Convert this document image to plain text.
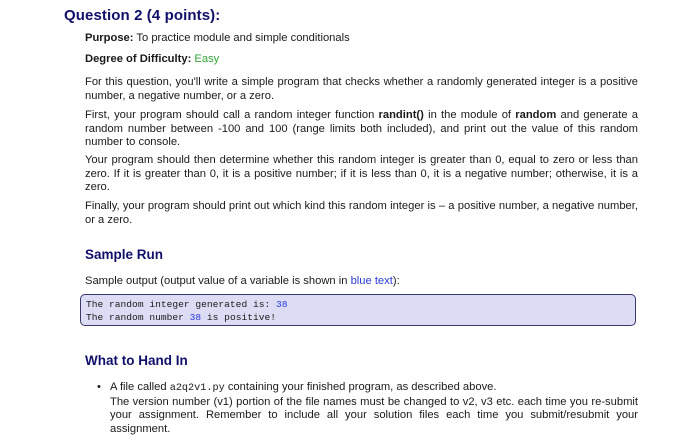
Question 2 (4 points):
Purpose: To practice module and simple conditionals
Degree of Difficulty: Easy
For this question, you'll write a simple program that checks whether a randomly generated integer is a positive number, a negative number, or a zero.
First, your program should call a random integer function randint() in the module of random and generate a random number between -100 and 100 (range limits both included), and print out the value of this random number to console.
Your program should then determine whether this random integer is greater than 0, equal to zero or less than zero. If it is greater than 0, it is a positive number; if it is less than 0, it is a negative number; otherwise, it is a zero.
Finally, your program should print out which kind this random integer is – a positive number, a negative number, or a zero.
Sample Run
Sample output (output value of a variable is shown in blue text):
The random integer generated is: 38
The random number 38 is positive!
What to Hand In
• A file called a2q2v1.py containing your finished program, as described above.
The version number (v1) portion of the file names must be changed to v2, v3 etc. each time you re-submit your assignment. Remember to include all your solution files each time you submit/resubmit your assignment.
